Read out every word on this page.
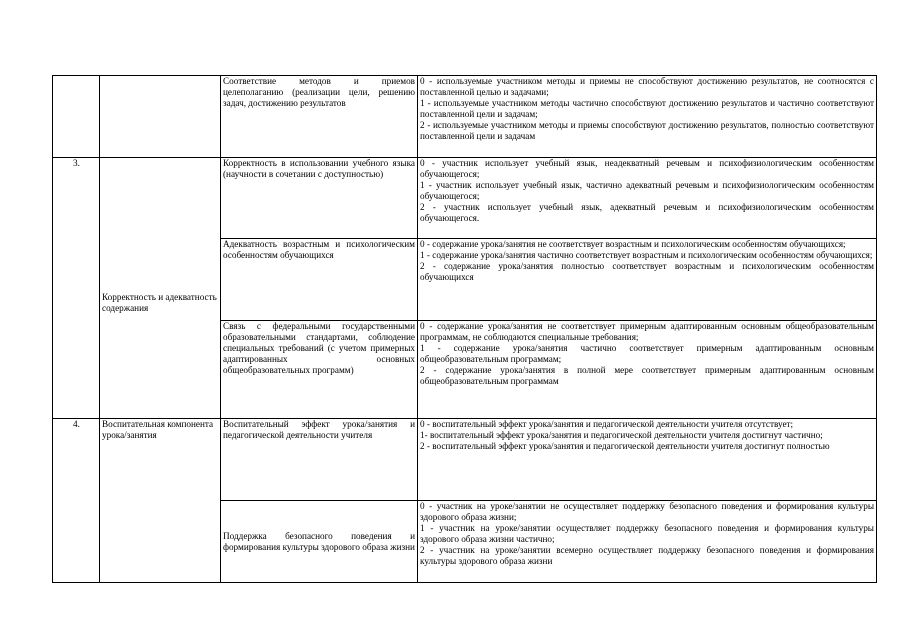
		Соответствие методов и приемов целеполаганию (реализации цели, решению задач, достижению результатов	0 - используемые участником методы и приемы не способствуют достижению результатов, не соотносятся с поставленной целью и задачами;
1 - используемые участником методы частично способствуют достижению результатов и частично соответствуют поставленной цели и задачам;
2 - используемые участником методы и приемы способствуют достижению результатов, полностью соответствуют поставленной цели и задачам

3.	Корректность и адекватность содержания	Корректность в использовании учебного языка (научности в сочетании с доступностью)	0 - участник использует учебный язык, неадекватный речевым и психофизиологическим особенностям обучающегося;
1 - участник использует учебный язык, частично адекватный речевым и психофизиологическим особенностям обучающегося;
2 - участник использует учебный язык, адекватный речевым и психофизиологическим особенностям обучающегося.

		Адекватность возрастным и психологическим особенностям обучающихся	0 - содержание урока/занятия не соответствует возрастным и психологическим особенностям обучающихся;
1 - содержание урока/занятия частично соответствует возрастным и психологическим особенностям обучающихся;
2 - содержание урока/занятия полностью соответствует возрастным и психологическим особенностям обучающихся

		Связь с федеральными государственными образовательными стандартами, соблюдение специальных требований (с учетом примерных адаптированных основных общеобразовательных программ)	0 - содержание урока/занятия не соответствует примерным адаптированным основным общеобразовательным программам, не соблюдаются специальные требования;
1 - содержание урока/занятия частично соответствует примерным адаптированным основным общеобразовательным программам;
2 - содержание урока/занятия в полной мере соответствует примерным адаптированным основным общеобразовательным программам

4.	Воспитательная компонента урока/занятия	Воспитательный эффект урока/занятия и педагогической деятельности учителя	0 - воспитательный эффект урока/занятия и педагогической деятельности учителя отсутствует;
1- воспитательный эффект урока/занятия и педагогической деятельности учителя достигнут частично;
2 - воспитательный эффект урока/занятия и педагогической деятельности учителя достигнут полностью

		Поддержка безопасного поведения и формирования культуры здорового образа жизни	0 - участник на уроке/занятии не осуществляет поддержку безопасного поведения и формирования культуры здорового образа жизни;
1 - участник на уроке/занятии осуществляет поддержку безопасного поведения и формирования культуры здорового образа жизни частично;
2 - участник на уроке/занятии всемерно осуществляет поддержку безопасного поведения и формирования культуры здорового образа жизни
